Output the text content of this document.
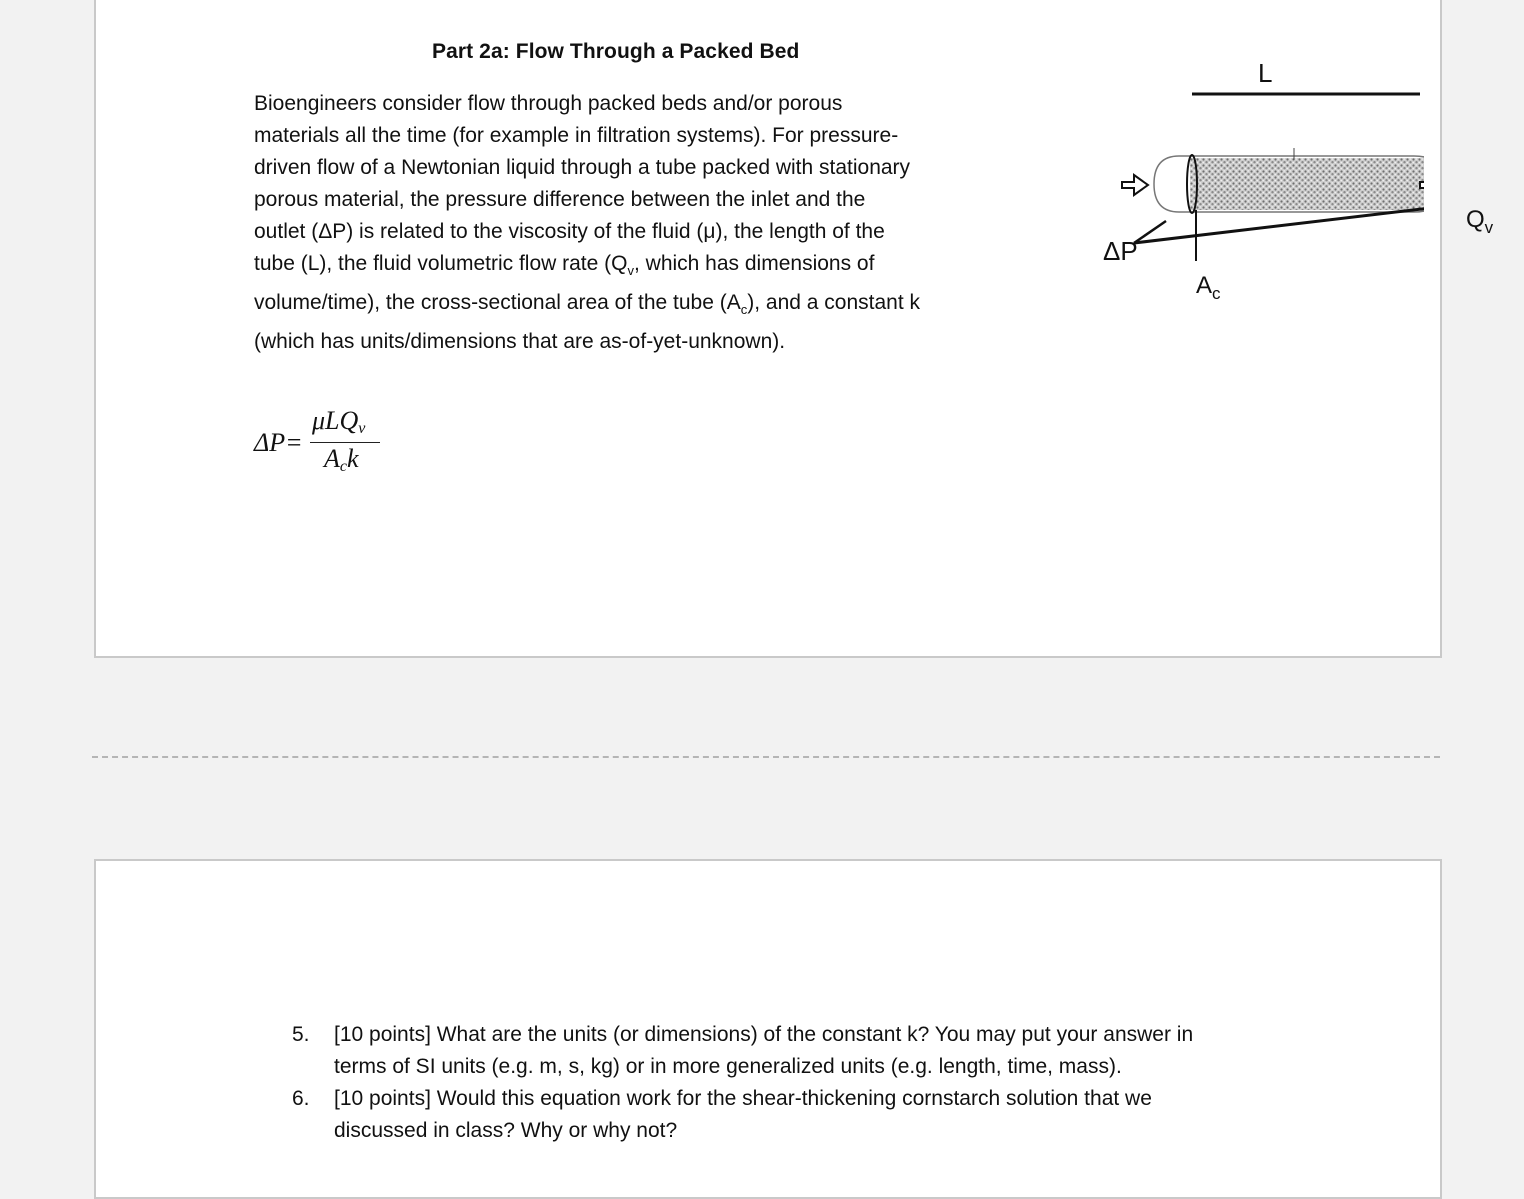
Part 2a: Flow Through a Packed Bed

Bioengineers consider flow through packed beds and/or porous
materials all the time (for example in filtration systems). For pressure-
driven flow of a Newtonian liquid through a tube packed with stationary
porous material, the pressure difference between the inlet and the
outlet (ΔP) is related to the viscosity of the fluid (μ), the length of the
tube (L), the fluid volumetric flow rate ($Q_v$, which has dimensions of
volume/time), the cross-sectional area of the tube $(A_c)$, and a constant k
(which has units/dimensions that are as-of-yet-unknown).

ΔP=
μLQ$_v$
$A_ck$
L
ΔP
$A_c$
$Q_v$
5. [10 points] What are the units (or dimensions) of the constant k? You may put your answer in
terms of SI units (e.g. m, s, kg) or in more generalized units (e.g. length, time, mass).
6. [10 points] Would this equation work for the shear-thickening cornstarch solution that we
discussed in class? Why or why not?
